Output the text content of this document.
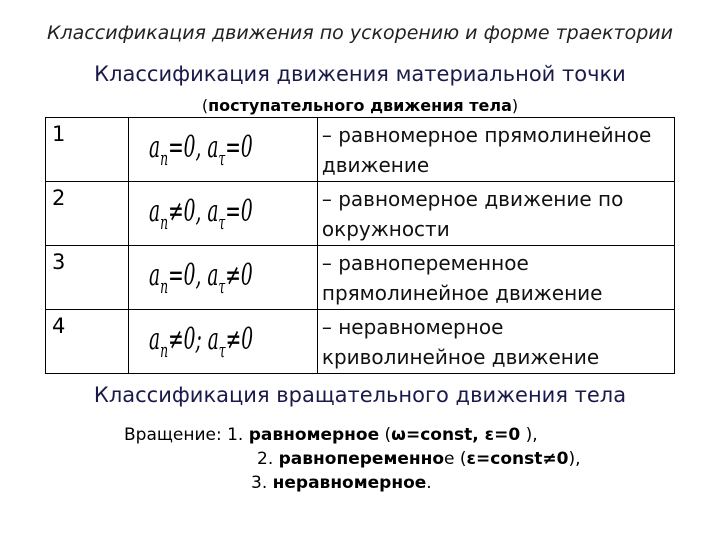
Классификация движения по ускорению и форме траектории
Классификация движения материальной точки
(поступательного движения тела)
1	$a_n=0$, $a_\tau=0$	– равномерное прямолинейное движение
2	$a_n\ne 0$, $a_\tau=0$	– равномерное движение по окружности
3	$a_n=0$, $a_\tau\ne 0$	– равнопеременное прямолинейное движение
4	$a_n\ne 0$; $a_\tau\ne 0$	– неравномерное криволинейное движение
Классификация вращательного движения тела
Вращение: 1. равномерное (ω=const, ε=0 ),
2. равнопеременное (ε=const≠0),
3. неравномерное.
